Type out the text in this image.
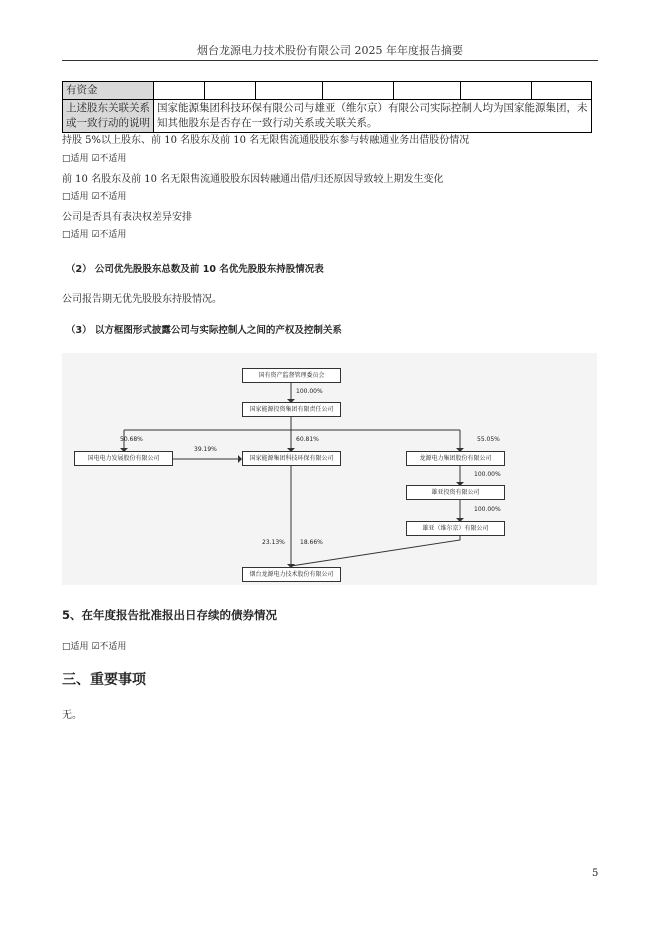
烟台龙源电力技术股份有限公司 2025 年年度报告摘要
有资金							
上述股东关联关系或一致行动的说明	国家能源集团科技环保有限公司与雄亚（维尔京）有限公司实际控制人均为国家能源集团，未知其他股东是否存在一致行动关系或关联关系。						
持股 5%以上股东、前 10 名股东及前 10 名无限售流通股股东参与转融通业务出借股份情况
□适用 ☑不适用
前 10 名股东及前 10 名无限售流通股股东因转融通出借/归还原因导致较上期发生变化
□适用 ☑不适用
公司是否具有表决权差异安排
□适用 ☑不适用
（2） 公司优先股股东总数及前 10 名优先股股东持股情况表
公司报告期无优先股股东持股情况。
（3） 以方框图形式披露公司与实际控制人之间的产权及控制关系
国有资产监督管理委员会
国家能源投资集团有限责任公司
国电电力发展股份有限公司	国家能源集团科技环保有限公司	龙源电力集团股份有限公司
雄亚投资有限公司
雄亚（维尔京）有限公司
烟台龙源电力技术股份有限公司
100.00%
50.68%	60.81%	55.05%
39.19%
100.00%
100.00%
23.13%	18.66%
5、在年度报告批准报出日存续的债券情况
□适用 ☑不适用
三、重要事项
无。
5
